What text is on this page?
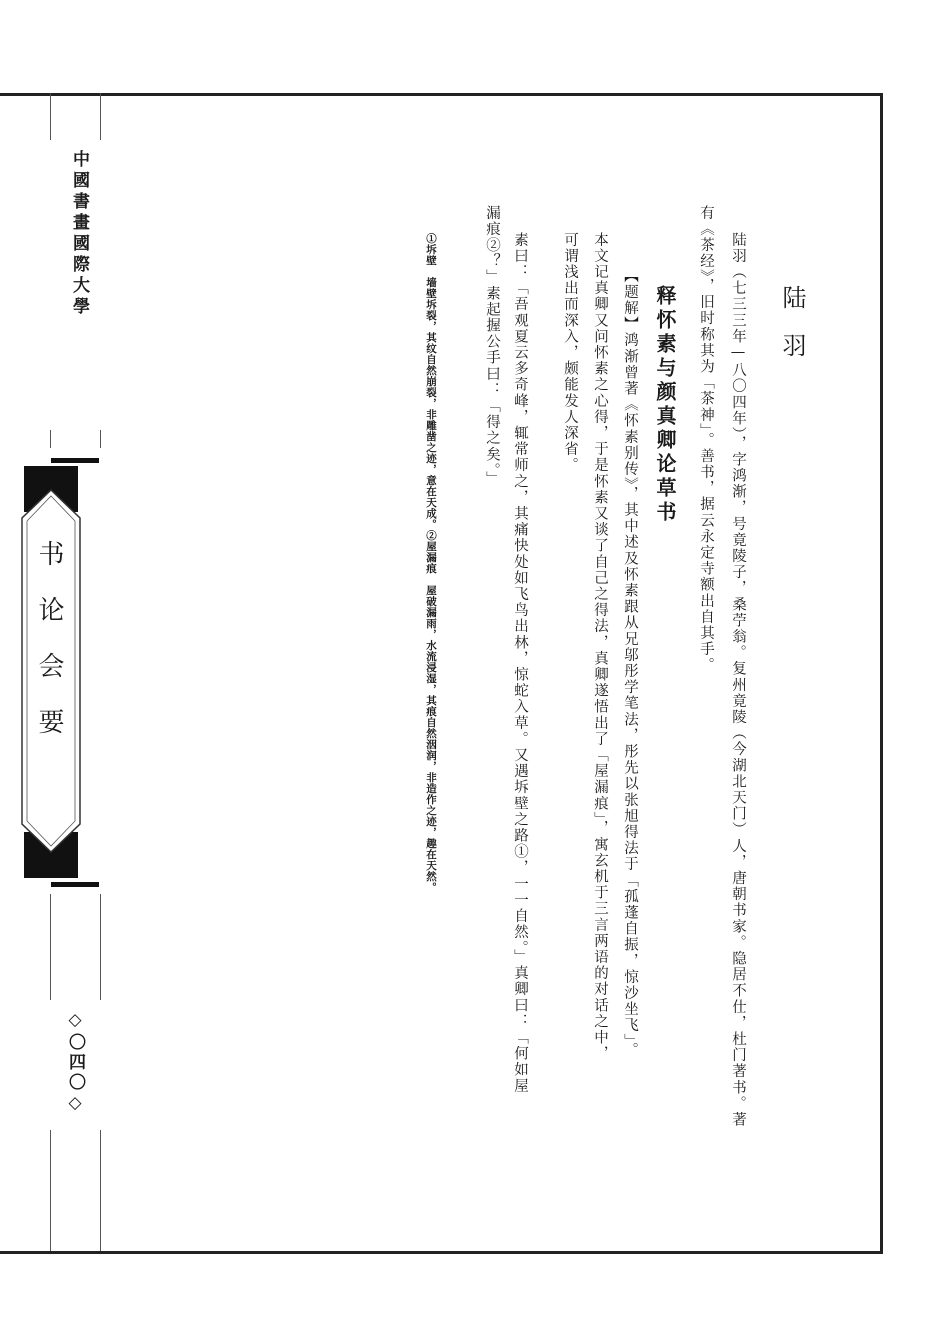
中國書畫國際大學
书论会要
◇〇四〇◇
陆羽
陆羽（七三三年—八〇四年），字鸿渐，号竟陵子，桑苧翁。复州竟陵（今湖北天门）人，唐朝书家。隐居不仕，杜门著书。著
有《茶经》，旧时称其为「茶神」。善书，据云永定寺额出自其手。
释怀素与颜真卿论草书
【题解】鸿渐曾著《怀素别传》，其中述及怀素跟从兄邬彤学笔法，彤先以张旭得法于「孤蓬自振，惊沙坐飞」。
本文记真卿又问怀素之心得，于是怀素又谈了自己之得法，真卿遂悟出了「屋漏痕」，寓玄机于三言两语的对话之中，
可谓浅出而深入，颇能发人深省。
素曰：「吾观夏云多奇峰，辄常师之，其痛快处如飞鸟出林，惊蛇入草。又遇坼壁之路①，一一自然。」真卿曰：「何如屋
漏痕②？」素起握公手曰：「得之矣。」
①坼壁　墙壁坼裂，其纹自然崩裂，非雕凿之迹，意在天成。②屋漏痕　屋破漏雨，水流浸湿，其痕自然洇润，非造作之迹，趣在天然。
